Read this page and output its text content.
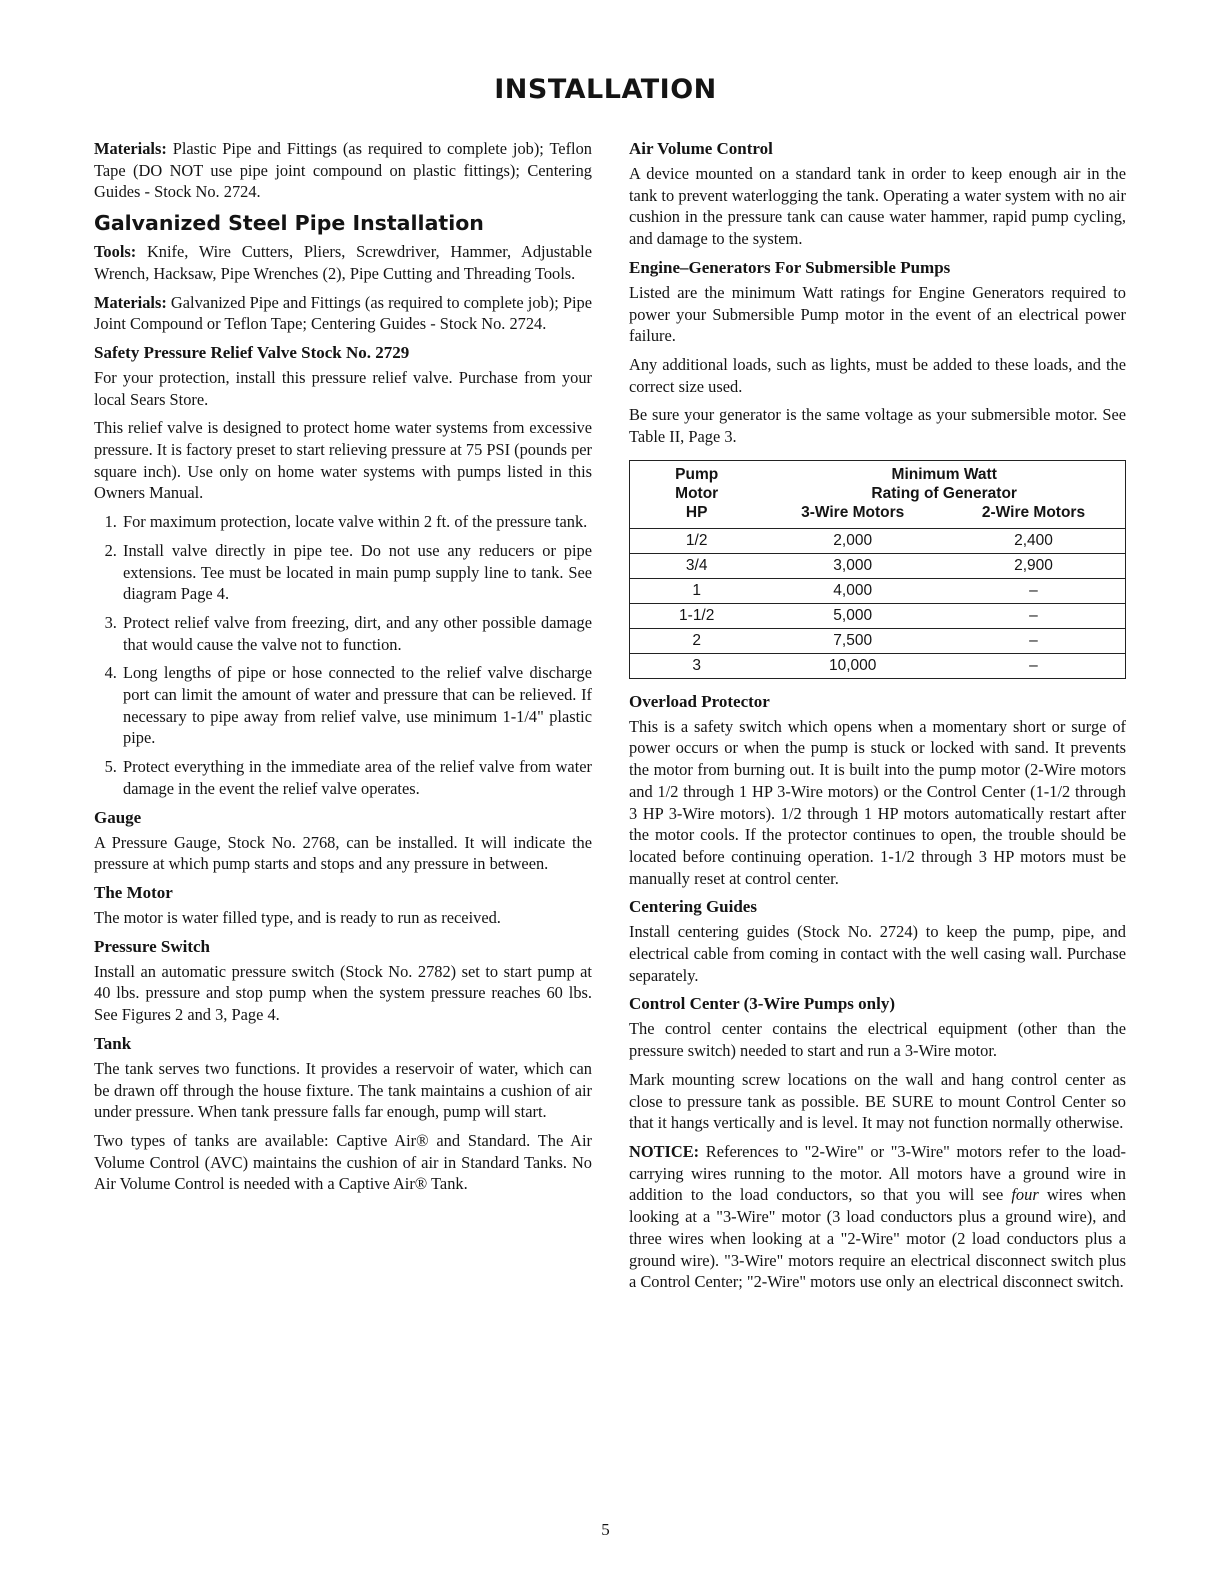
INSTALLATION

Materials: Plastic Pipe and Fittings (as required to complete job); Teflon Tape (DO NOT use pipe joint compound on plastic fittings); Centering Guides - Stock No. 2724.

Galvanized Steel Pipe Installation

Tools: Knife, Wire Cutters, Pliers, Screwdriver, Hammer, Adjustable Wrench, Hacksaw, Pipe Wrenches (2), Pipe Cutting and Threading Tools.

Materials: Galvanized Pipe and Fittings (as required to complete job); Pipe Joint Compound or Teflon Tape; Centering Guides - Stock No. 2724.

Safety Pressure Relief Valve Stock No. 2729

For your protection, install this pressure relief valve. Purchase from your local Sears Store.

This relief valve is designed to protect home water systems from excessive pressure. It is factory preset to start relieving pressure at 75 PSI (pounds per square inch). Use only on home water systems with pumps listed in this Owners Manual.

1. For maximum protection, locate valve within 2 ft. of the pressure tank.
2. Install valve directly in pipe tee. Do not use any reducers or pipe extensions. Tee must be located in main pump supply line to tank. See diagram Page 4.
3. Protect relief valve from freezing, dirt, and any other possible damage that would cause the valve not to function.
4. Long lengths of pipe or hose connected to the relief valve discharge port can limit the amount of water and pressure that can be relieved. If necessary to pipe away from relief valve, use minimum 1-1/4" plastic pipe.
5. Protect everything in the immediate area of the relief valve from water damage in the event the relief valve operates.
Gauge

A Pressure Gauge, Stock No. 2768, can be installed. It will indicate the pressure at which pump starts and stops and any pressure in between.

The Motor

The motor is water filled type, and is ready to run as received.

Pressure Switch

Install an automatic pressure switch (Stock No. 2782) set to start pump at 40 lbs. pressure and stop pump when the system pressure reaches 60 lbs. See Figures 2 and 3, Page 4.

Tank

The tank serves two functions. It provides a reservoir of water, which can be drawn off through the house fixture. The tank maintains a cushion of air under pressure. When tank pressure falls far enough, pump will start.

Two types of tanks are available: Captive Air® and Standard. The Air Volume Control (AVC) maintains the cushion of air in Standard Tanks. No Air Volume Control is needed with a Captive Air® Tank.

Air Volume Control

A device mounted on a standard tank in order to keep enough air in the tank to prevent waterlogging the tank. Operating a water system with no air cushion in the pressure tank can cause water hammer, rapid pump cycling, and damage to the system.

Engine–Generators For Submersible Pumps

Listed are the minimum Watt ratings for Engine Generators required to power your Submersible Pump motor in the event of an electrical power failure.

Any additional loads, such as lights, must be added to these loads, and the correct size used.

Be sure your generator is the same voltage as your submersible motor. See Table II, Page 3.

Pump	Minimum Watt	
Motor	Rating of Generator	
HP	3-Wire Motors	2-Wire Motors
1/2	2,000	2,400
3/4	3,000	2,900
1	4,000	–
1-1/2	5,000	–
2	7,500	–
3	10,000	–
Overload Protector

This is a safety switch which opens when a momentary short or surge of power occurs or when the pump is stuck or locked with sand. It prevents the motor from burning out. It is built into the pump motor (2-Wire motors and 1/2 through 1 HP 3-Wire motors) or the Control Center (1-1/2 through 3 HP 3-Wire motors). 1/2 through 1 HP motors automatically restart after the motor cools. If the protector continues to open, the trouble should be located before continuing operation. 1-1/2 through 3 HP motors must be manually reset at control center.

Centering Guides

Install centering guides (Stock No. 2724) to keep the pump, pipe, and electrical cable from coming in contact with the well casing wall. Purchase separately.

Control Center (3-Wire Pumps only)

The control center contains the electrical equipment (other than the pressure switch) needed to start and run a 3-Wire motor.

Mark mounting screw locations on the wall and hang control center as close to pressure tank as possible. BE SURE to mount Control Center so that it hangs vertically and is level. It may not function normally otherwise.

NOTICE: References to "2-Wire" or "3-Wire" motors refer to the load-carrying wires running to the motor. All motors have a ground wire in addition to the load conductors, so that you will see four wires when looking at a "3-Wire" motor (3 load conductors plus a ground wire), and three wires when looking at a "2-Wire" motor (2 load conductors plus a ground wire). "3-Wire" motors require an electrical disconnect switch plus a Control Center; "2-Wire" motors use only an electrical disconnect switch.

5
